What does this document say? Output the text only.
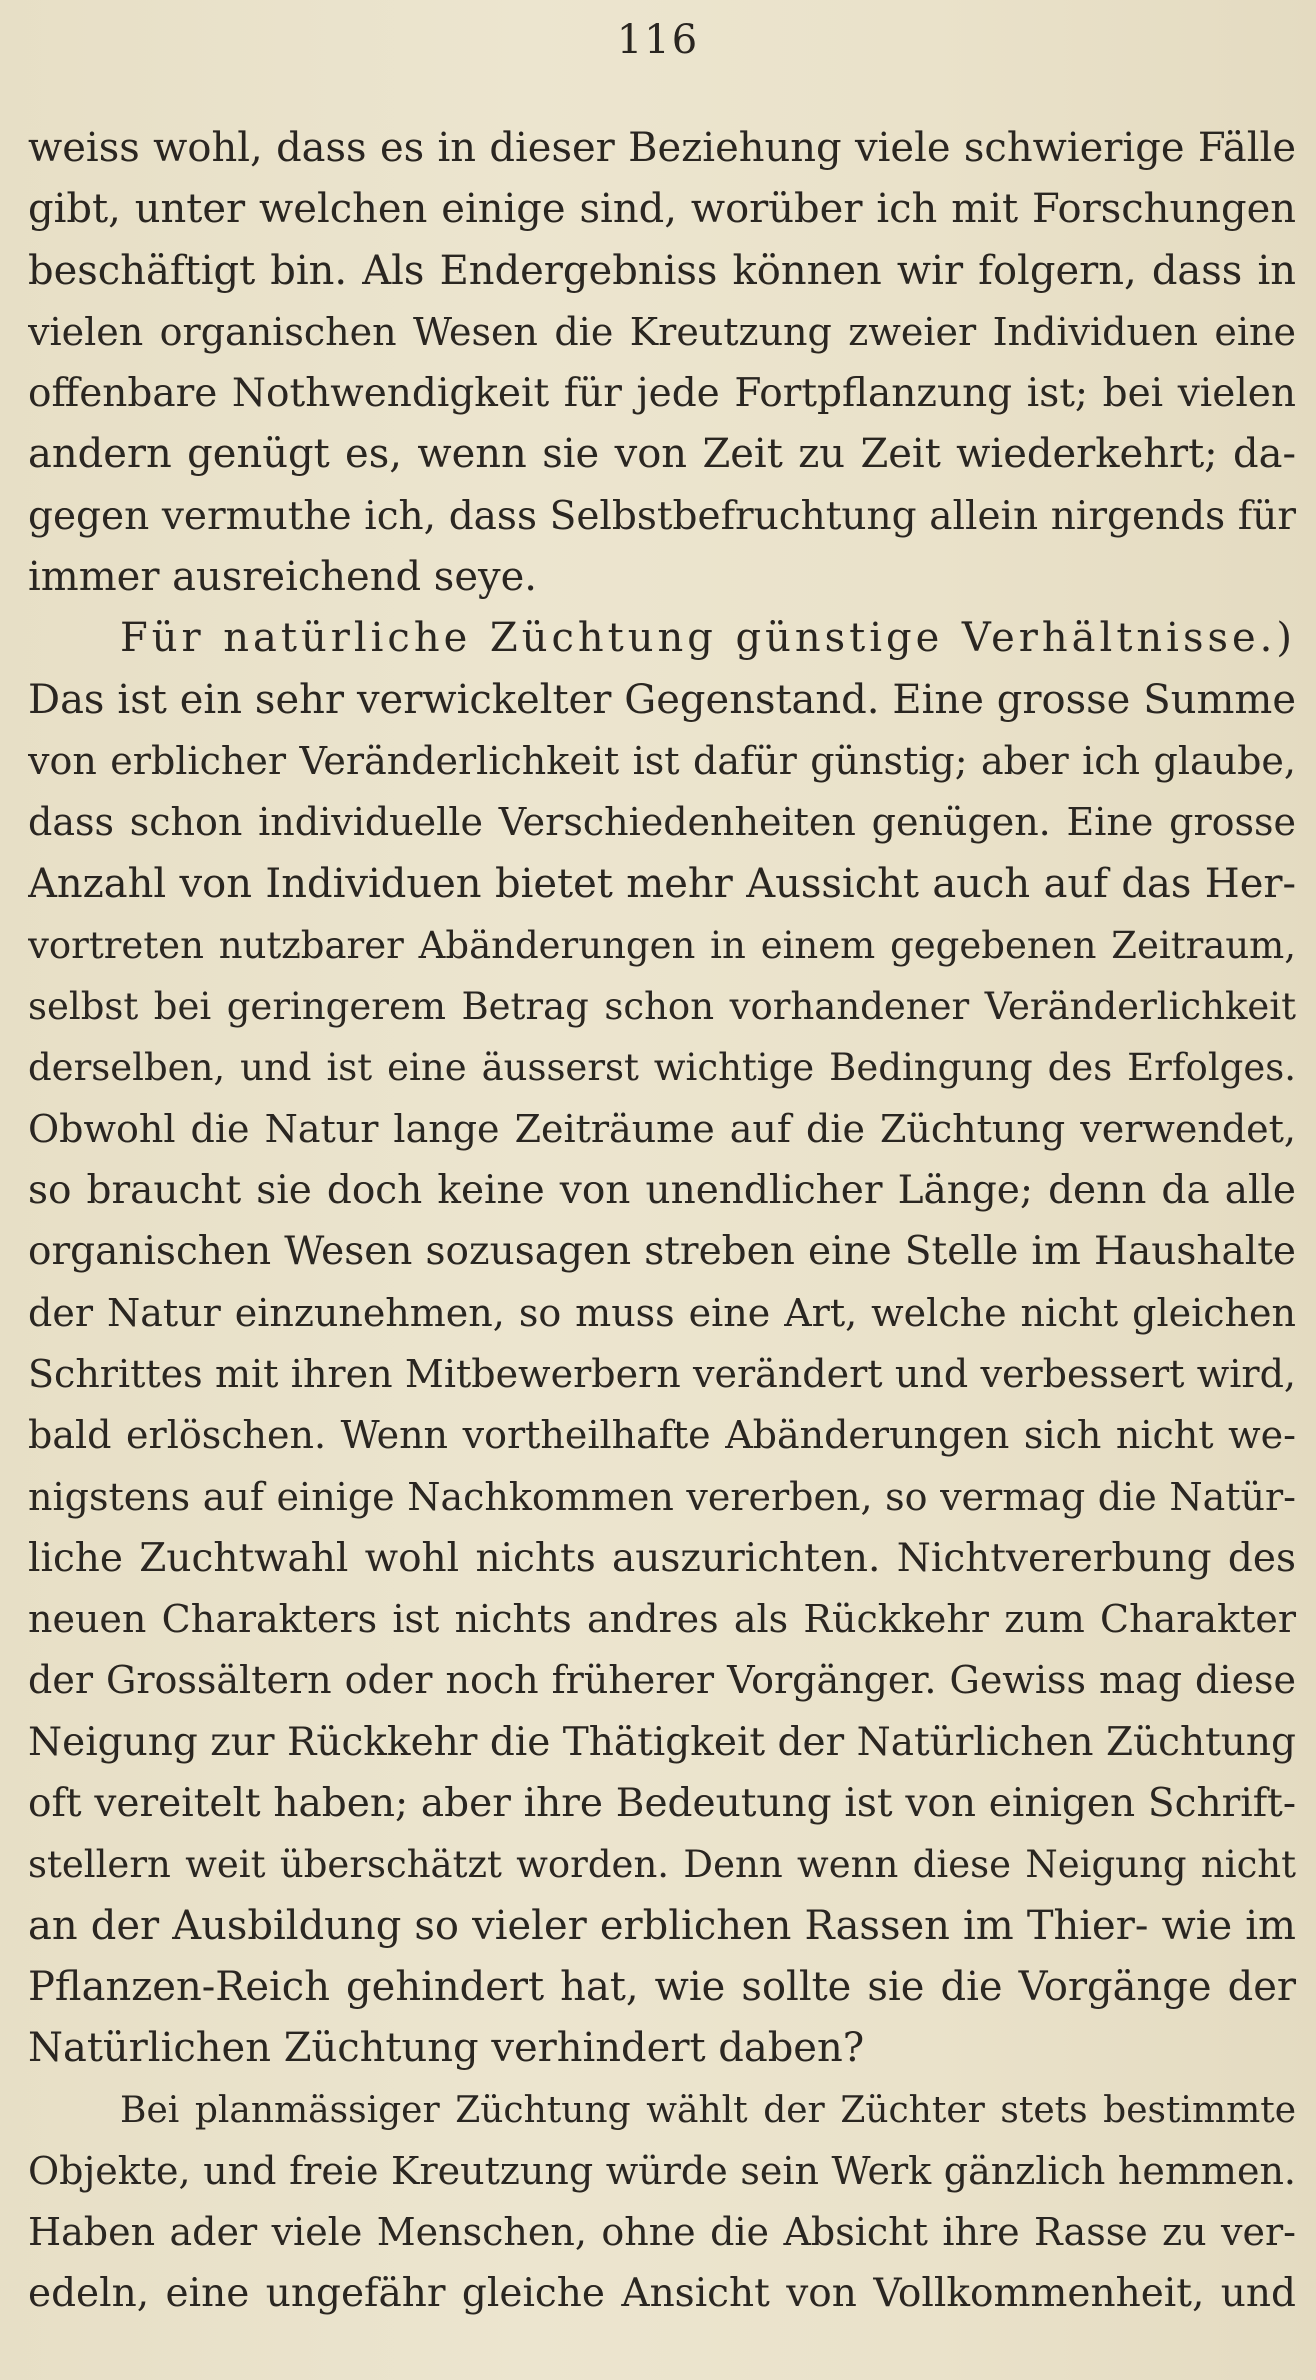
116
weiss wohl, dass es in dieser Beziehung viele schwierige Fälle
gibt, unter welchen einige sind, worüber ich mit Forschungen
beschäftigt bin. Als Endergebniss können wir folgern, dass in
vielen organischen Wesen die Kreutzung zweier Individuen eine
offenbare Nothwendigkeit für jede Fortpflanzung ist; bei vielen
andern genügt es, wenn sie von Zeit zu Zeit wiederkehrt; da-
gegen vermuthe ich, dass Selbstbefruchtung allein nirgends für
immer ausreichend seye.
Für natürliche Züchtung günstige Verhältnisse.)
Das ist ein sehr verwickelter Gegenstand. Eine grosse Summe
von erblicher Veränderlichkeit ist dafür günstig; aber ich glaube,
dass schon individuelle Verschiedenheiten genügen. Eine grosse
Anzahl von Individuen bietet mehr Aussicht auch auf das Her-
vortreten nutzbarer Abänderungen in einem gegebenen Zeitraum,
selbst bei geringerem Betrag schon vorhandener Veränderlichkeit
derselben, und ist eine äusserst wichtige Bedingung des Erfolges.
Obwohl die Natur lange Zeiträume auf die Züchtung verwendet,
so braucht sie doch keine von unendlicher Länge; denn da alle
organischen Wesen sozusagen streben eine Stelle im Haushalte
der Natur einzunehmen, so muss eine Art, welche nicht gleichen
Schrittes mit ihren Mitbewerbern verändert und verbessert wird,
bald erlöschen. Wenn vortheilhafte Abänderungen sich nicht we-
nigstens auf einige Nachkommen vererben, so vermag die Natür-
liche Zuchtwahl wohl nichts auszurichten. Nichtvererbung des
neuen Charakters ist nichts andres als Rückkehr zum Charakter
der Grossältern oder noch früherer Vorgänger. Gewiss mag diese
Neigung zur Rückkehr die Thätigkeit der Natürlichen Züchtung
oft vereitelt haben; aber ihre Bedeutung ist von einigen Schrift-
stellern weit überschätzt worden. Denn wenn diese Neigung nicht
an der Ausbildung so vieler erblichen Rassen im Thier- wie im
Pflanzen-Reich gehindert hat, wie sollte sie die Vorgänge der
Natürlichen Züchtung verhindert daben?
Bei planmässiger Züchtung wählt der Züchter stets bestimmte
Objekte, und freie Kreutzung würde sein Werk gänzlich hemmen.
Haben ader viele Menschen, ohne die Absicht ihre Rasse zu ver-
edeln, eine ungefähr gleiche Ansicht von Vollkommenheit, und
